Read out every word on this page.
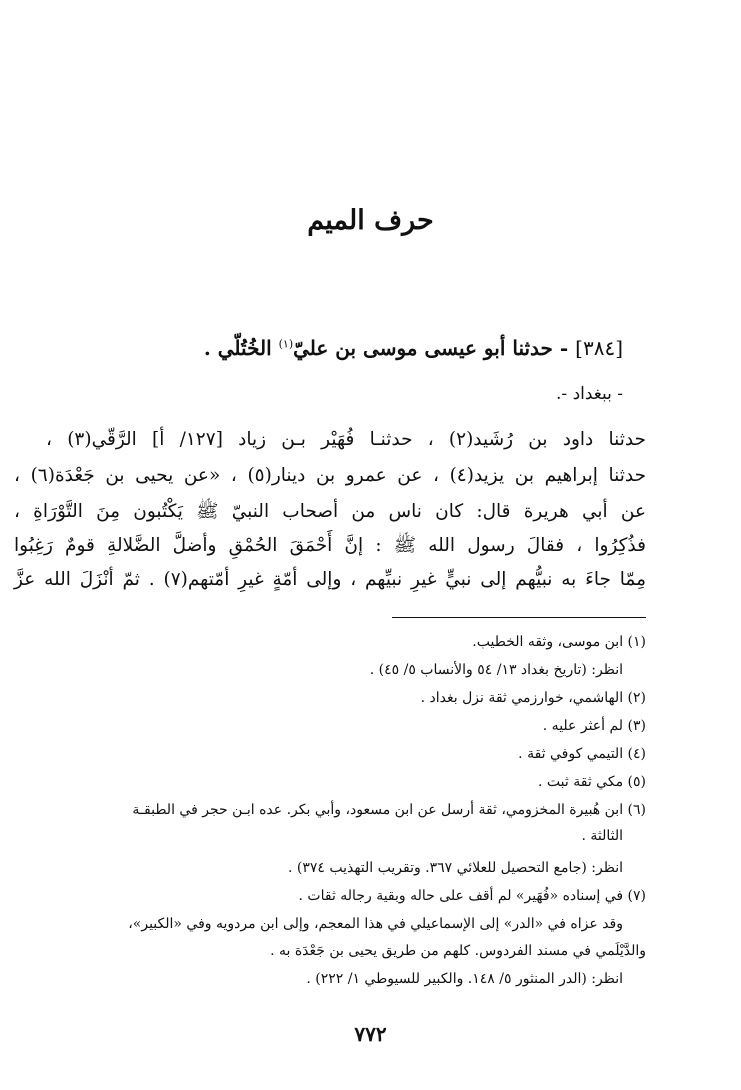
حرف الميم
[٣٨٤] - حدثنا أبو عيسى موسى بن عليّ$^{(١)}$ الخُتُلّي .
- ببغداد -.
حدثنا داود بن رُشَيد(٢) ، حدثنـا فُهَيْر بـن زياد [١٢٧/ أ] الرَّقّي(٣) ،
حدثنا إبراهيم بن يزيد(٤) ، عن عمرو بن دينار(٥) ، «عن يحيى بن جَعْدَة(٦) ،
عن أبي هريرة قال: كان ناس من أصحاب النبيّ ﷺ يَكْتُبون مِنَ التَّوْرَاةِ ،
فذُكِرُوا ، فقالَ رسول الله ﷺ : إنَّ أَحْمَقَ الحُمْقِ وأضلَّ الضَّلالةِ قومٌ رَغِبُوا
مِمّا جاءَ به نبيُّهم إلى نبيٍّ غيرِ نبيِّهم ، وإلى أمّةٍ غيرِ أمّتهم(٧) . ثمّ أنْزَلَ الله عزَّ
(١) ابن موسى، وثقه الخطيب.
انظر: (تاريخ بغداد ١٣/ ٥٤ والأنساب ٥/ ٤٥) .
(٢) الهاشمي، خوارزمي ثقة نزل بغداد .
(٣) لم أعثر عليه .
(٤) التيمي كوفي ثقة .
(٥) مكي ثقة ثبت .
(٦) ابن هُبيرة المخزومي، ثقة أرسل عن ابن مسعود، وأبي بكر. عده ابـن حجر في الطبقـة
الثالثة .
انظر: (جامع التحصيل للعلائي ٣٦٧. وتقريب التهذيب ٣٧٤) .
(٧) في إسناده «فُهَير» لم أقف على حاله وبقية رجاله ثقات .
وقد عزاه في «الدر» إلى الإسماعيلي في هذا المعجم، وإلى ابن مردويه وفي «الكبير»،
والدَّيْلَمي في مسند الفردوس. كلهم من طريق يحيى بن جَعْدَة به .
انظر: (الدر المنثور ٥/ ١٤٨. والكبير للسيوطي ١/ ٢٢٢) .
٧٧٢
